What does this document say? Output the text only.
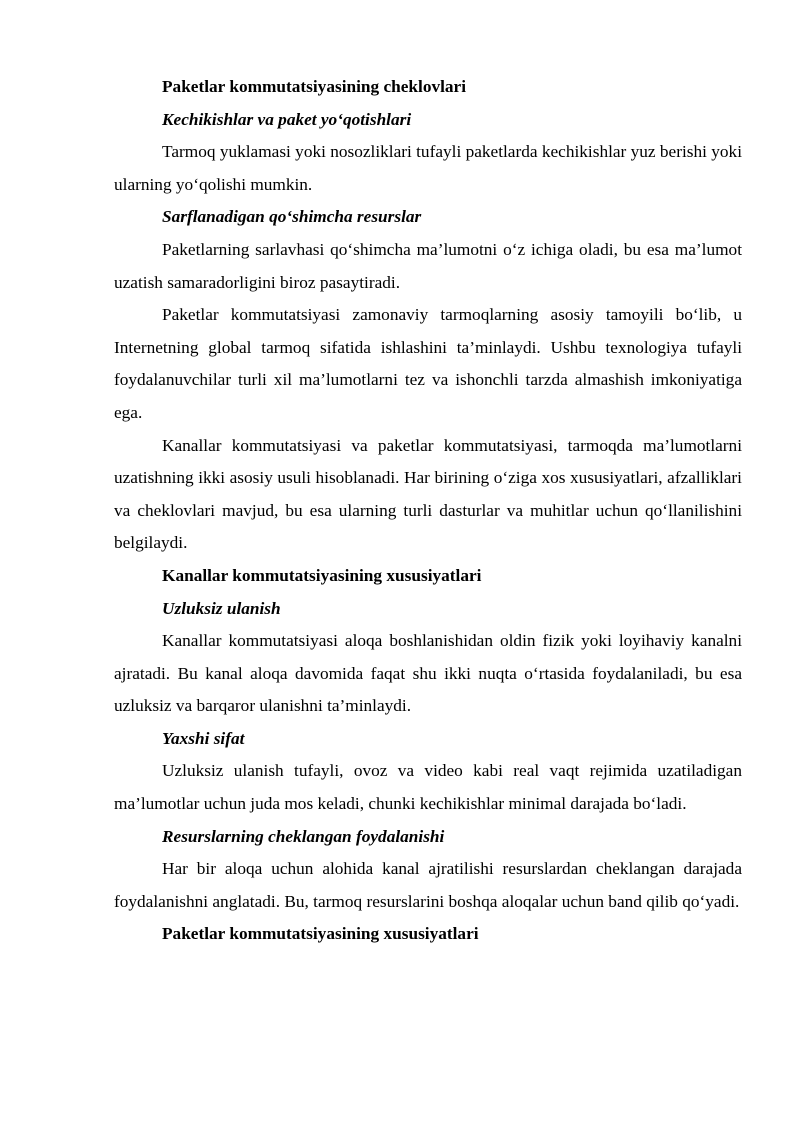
Paketlar kommutatsiyasining cheklovlari

Kechikishlar va paket yo‘qotishlari

Tarmoq yuklamasi yoki nosozliklari tufayli paketlarda kechikishlar yuz berishi yoki ularning yo‘qolishi mumkin.

Sarflanadigan qo‘shimcha resurslar

Paketlarning sarlavhasi qo‘shimcha ma’lumotni o‘z ichiga oladi, bu esa ma’lumot uzatish samaradorligini biroz pasaytiradi.

Paketlar kommutatsiyasi zamonaviy tarmoqlarning asosiy tamoyili bo‘lib, u Internetning global tarmoq sifatida ishlashini ta’minlaydi. Ushbu texnologiya tufayli foydalanuvchilar turli xil ma’lumotlarni tez va ishonchli tarzda almashish imkoniyatiga ega.

Kanallar kommutatsiyasi va paketlar kommutatsiyasi, tarmoqda ma’lumotlarni uzatishning ikki asosiy usuli hisoblanadi. Har birining o‘ziga xos xususiyatlari, afzalliklari va cheklovlari mavjud, bu esa ularning turli dasturlar va muhitlar uchun qo‘llanilishini belgilaydi.

Kanallar kommutatsiyasining xususiyatlari

Uzluksiz ulanish

Kanallar kommutatsiyasi aloqa boshlanishidan oldin fizik yoki loyihaviy kanalni ajratadi. Bu kanal aloqa davomida faqat shu ikki nuqta o‘rtasida foydalaniladi, bu esa uzluksiz va barqaror ulanishni ta’minlaydi.

Yaxshi sifat

Uzluksiz ulanish tufayli, ovoz va video kabi real vaqt rejimida uzatiladigan ma’lumotlar uchun juda mos keladi, chunki kechikishlar minimal darajada bo‘ladi.

Resurslarning cheklangan foydalanishi

Har bir aloqa uchun alohida kanal ajratilishi resurslardan cheklangan darajada foydalanishni anglatadi. Bu, tarmoq resurslarini boshqa aloqalar uchun band qilib qo‘yadi.

Paketlar kommutatsiyasining xususiyatlari
